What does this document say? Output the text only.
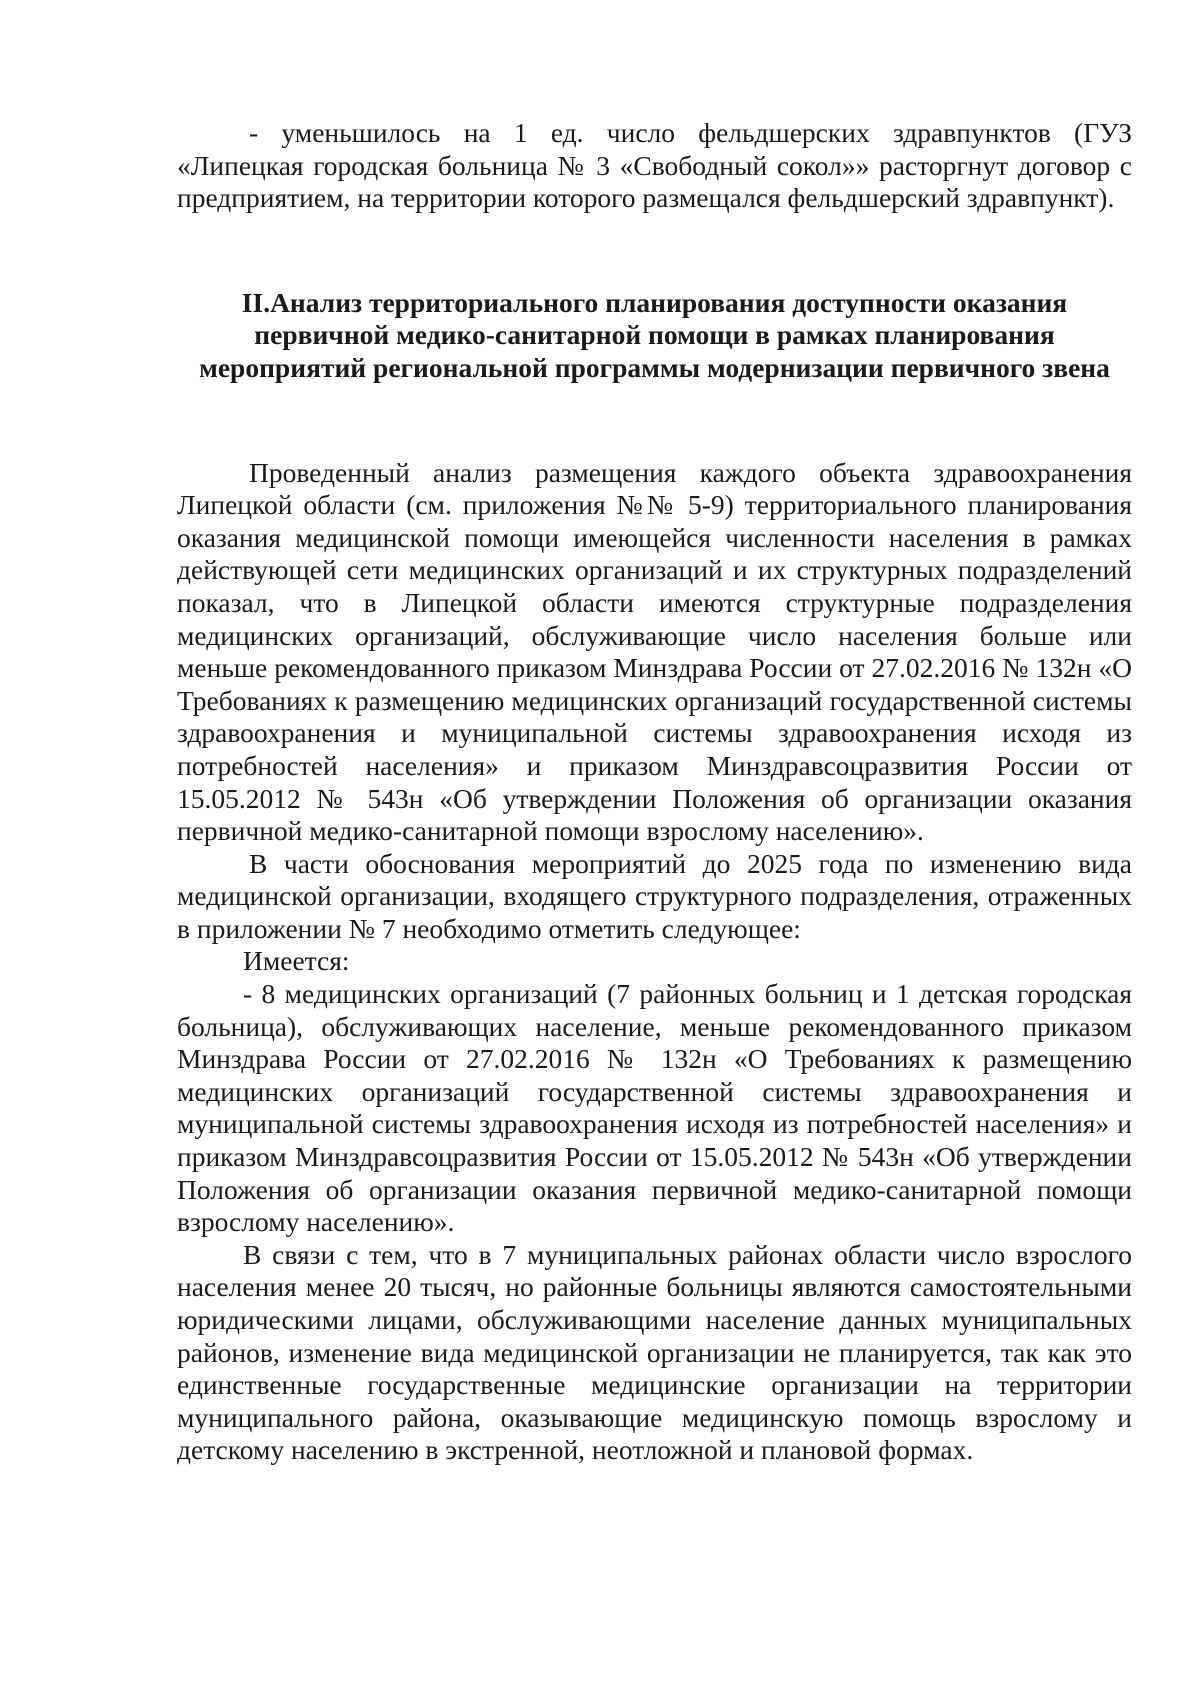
- уменьшилось на 1 ед. число фельдшерских здравпунктов (ГУЗ «Липецкая городская больница № 3 «Свободный сокол»» расторгнут договор с предприятием, на территории которого размещался фельдшерский здравпункт).

II.Анализ территориального планирования доступности оказания
первичной медико-санитарной помощи в рамках планирования
мероприятий региональной программы модернизации первичного звена

Проведенный анализ размещения каждого объекта здравоохранения Липецкой области (см. приложения №№ 5-9) территориального планирования оказания медицинской помощи имеющейся численности населения в рамках действующей сети медицинских организаций и их структурных подразделений показал, что в Липецкой области имеются структурные подразделения медицинских организаций, обслуживающие число населения больше или меньше рекомендованного приказом Минздрава России от 27.02.2016 № 132н «О Требованиях к размещению медицинских организаций государственной системы здравоохранения и муниципальной системы здравоохранения исходя из потребностей населения» и приказом Минздравсоцразвития России от 15.05.2012 № 543н «Об утверждении Положения об организации оказания первичной медико-санитарной помощи взрослому населению».

В части обоснования мероприятий до 2025 года по изменению вида медицинской организации, входящего структурного подразделения, отраженных в приложении № 7 необходимо отметить следующее:

Имеется:

- 8 медицинских организаций (7 районных больниц и 1 детская городская больница), обслуживающих население, меньше рекомендованного приказом Минздрава России от 27.02.2016 № 132н «О Требованиях к размещению медицинских организаций государственной системы здравоохранения и муниципальной системы здравоохранения исходя из потребностей населения» и приказом Минздравсоцразвития России от 15.05.2012 № 543н «Об утверждении Положения об организации оказания первичной медико-санитарной помощи взрослому населению».

В связи с тем, что в 7 муниципальных районах области число взрослого населения менее 20 тысяч, но районные больницы являются самостоятельными юридическими лицами, обслуживающими население данных муниципальных районов, изменение вида медицинской организации не планируется, так как это единственные государственные медицинские организации на территории муниципального района, оказывающие медицинскую помощь взрослому и детскому населению в экстренной, неотложной и плановой формах.
